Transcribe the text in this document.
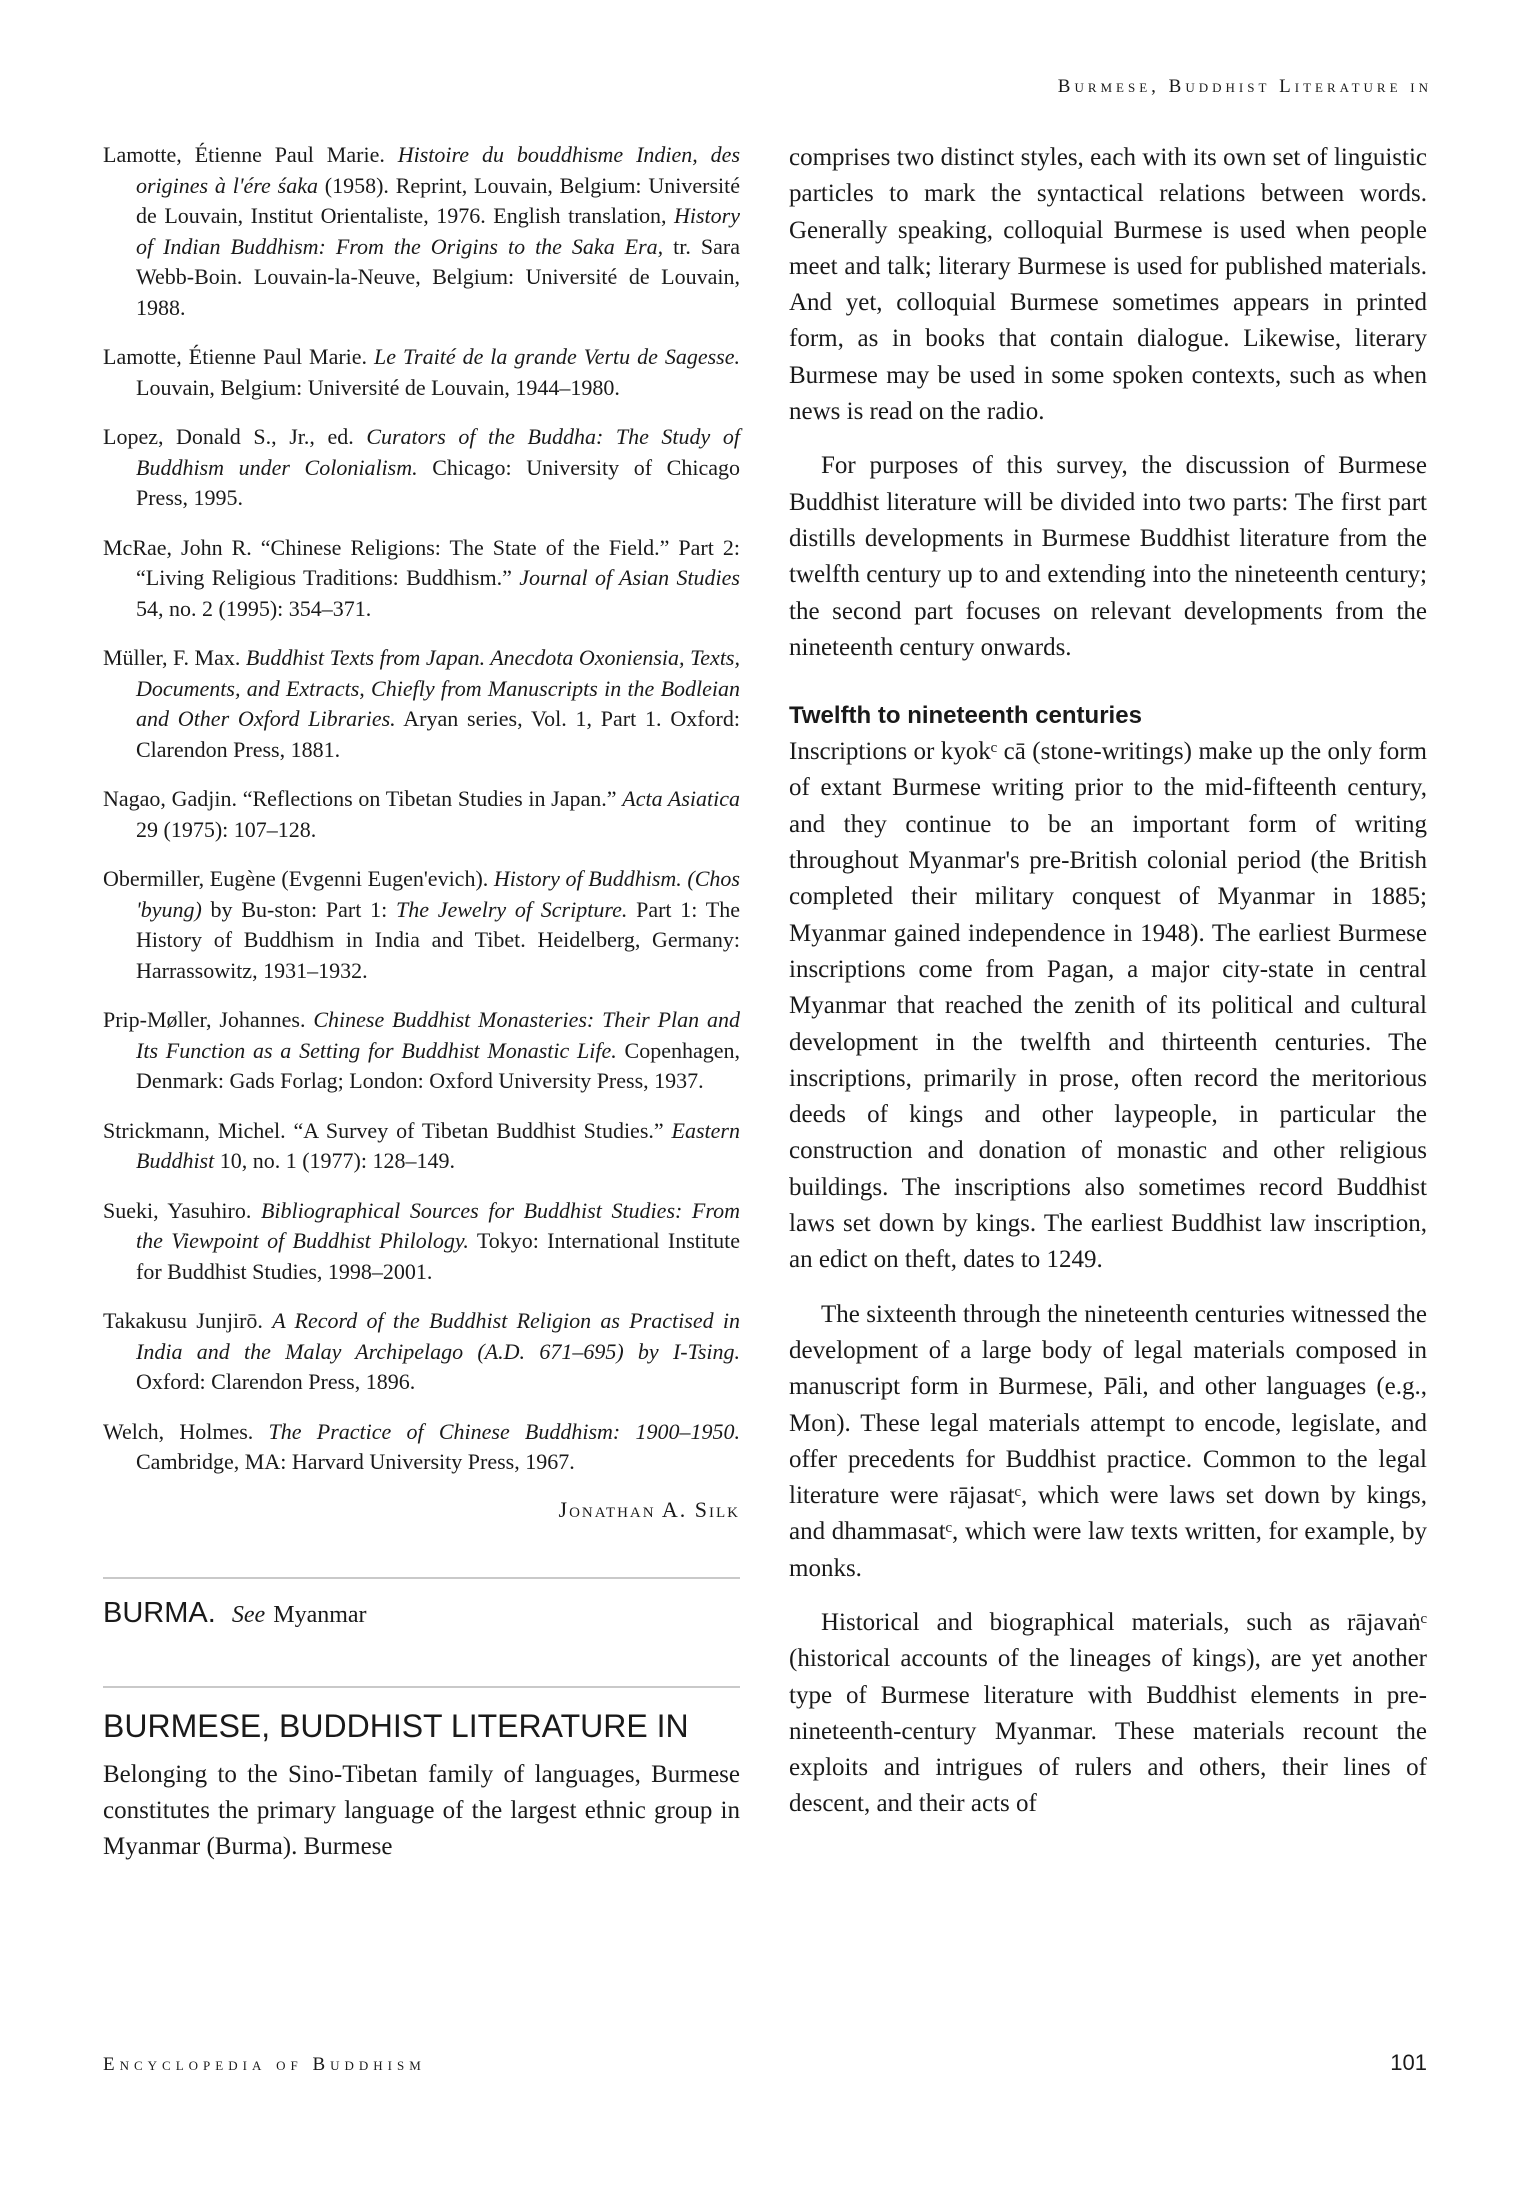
Burmese, Buddhist Literature in

Lamotte, Étienne Paul Marie. Histoire du bouddhisme Indien, des origines à l'ére śaka (1958). Reprint, Louvain, Belgium: Université de Louvain, Institut Orientaliste, 1976. English translation, History of Indian Buddhism: From the Origins to the Saka Era, tr. Sara Webb-Boin. Louvain-la-Neuve, Belgium: Université de Louvain, 1988.

Lamotte, Étienne Paul Marie. Le Traité de la grande Vertu de Sagesse. Louvain, Belgium: Université de Louvain, 1944–1980.

Lopez, Donald S., Jr., ed. Curators of the Buddha: The Study of Buddhism under Colonialism. Chicago: University of Chicago Press, 1995.

McRae, John R. “Chinese Religions: The State of the Field.” Part 2: “Living Religious Traditions: Buddhism.” Journal of Asian Studies 54, no. 2 (1995): 354–371.

Müller, F. Max. Buddhist Texts from Japan. Anecdota Oxoniensia, Texts, Documents, and Extracts, Chiefly from Manuscripts in the Bodleian and Other Oxford Libraries. Aryan series, Vol. 1, Part 1. Oxford: Clarendon Press, 1881.

Nagao, Gadjin. “Reflections on Tibetan Studies in Japan.” Acta Asiatica 29 (1975): 107–128.

Obermiller, Eugène (Evgenni Eugen'evich). History of Buddhism. (Chos 'byung) by Bu-ston: Part 1: The Jewelry of Scripture. Part 1: The History of Buddhism in India and Tibet. Heidelberg, Germany: Harrassowitz, 1931–1932.

Prip-Møller, Johannes. Chinese Buddhist Monasteries: Their Plan and Its Function as a Setting for Buddhist Monastic Life. Copenhagen, Denmark: Gads Forlag; London: Oxford University Press, 1937.

Strickmann, Michel. “A Survey of Tibetan Buddhist Studies.” Eastern Buddhist 10, no. 1 (1977): 128–149.

Sueki, Yasuhiro. Bibliographical Sources for Buddhist Studies: From the Viewpoint of Buddhist Philology. Tokyo: International Institute for Buddhist Studies, 1998–2001.

Takakusu Junjirō. A Record of the Buddhist Religion as Practised in India and the Malay Archipelago (A.D. 671–695) by I-Tsing. Oxford: Clarendon Press, 1896.

Welch, Holmes. The Practice of Chinese Buddhism: 1900–1950. Cambridge, MA: Harvard University Press, 1967.

Jonathan A. Silk
BURMA. See Myanmar
BURMESE, BUDDHIST LITERATURE IN

Belonging to the Sino-Tibetan family of languages, Burmese constitutes the primary language of the largest ethnic group in Myanmar (Burma). Burmese

comprises two distinct styles, each with its own set of linguistic particles to mark the syntactical relations between words. Generally speaking, colloquial Burmese is used when people meet and talk; literary Burmese is used for published materials. And yet, colloquial Burmese sometimes appears in printed form, as in books that contain dialogue. Likewise, literary Burmese may be used in some spoken contexts, such as when news is read on the radio.

For purposes of this survey, the discussion of Burmese Buddhist literature will be divided into two parts: The first part distills developments in Burmese Buddhist literature from the twelfth century up to and extending into the nineteenth century; the second part focuses on relevant developments from the nineteenth century onwards.

Twelfth to nineteenth centuries

Inscriptions or kyokᶜ cā (stone-writings) make up the only form of extant Burmese writing prior to the mid-fifteenth century, and they continue to be an important form of writing throughout Myanmar's pre-British colonial period (the British completed their military conquest of Myanmar in 1885; Myanmar gained independence in 1948). The earliest Burmese inscriptions come from Pagan, a major city-state in central Myanmar that reached the zenith of its political and cultural development in the twelfth and thirteenth centuries. The inscriptions, primarily in prose, often record the meritorious deeds of kings and other laypeople, in particular the construction and donation of monastic and other religious buildings. The inscriptions also sometimes record Buddhist laws set down by kings. The earliest Buddhist law inscription, an edict on theft, dates to 1249.

The sixteenth through the nineteenth centuries witnessed the development of a large body of legal materials composed in manuscript form in Burmese, Pāli, and other languages (e.g., Mon). These legal materials attempt to encode, legislate, and offer precedents for Buddhist practice. Common to the legal literature were rājasatᶜ, which were laws set down by kings, and dhammasatᶜ, which were law texts written, for example, by monks.

Historical and biographical materials, such as rājavaṅᶜ (historical accounts of the lineages of kings), are yet another type of Burmese literature with Buddhist elements in pre-nineteenth-century Myanmar. These materials recount the exploits and intrigues of rulers and others, their lines of descent, and their acts of

Encyclopedia of Buddhism	101
